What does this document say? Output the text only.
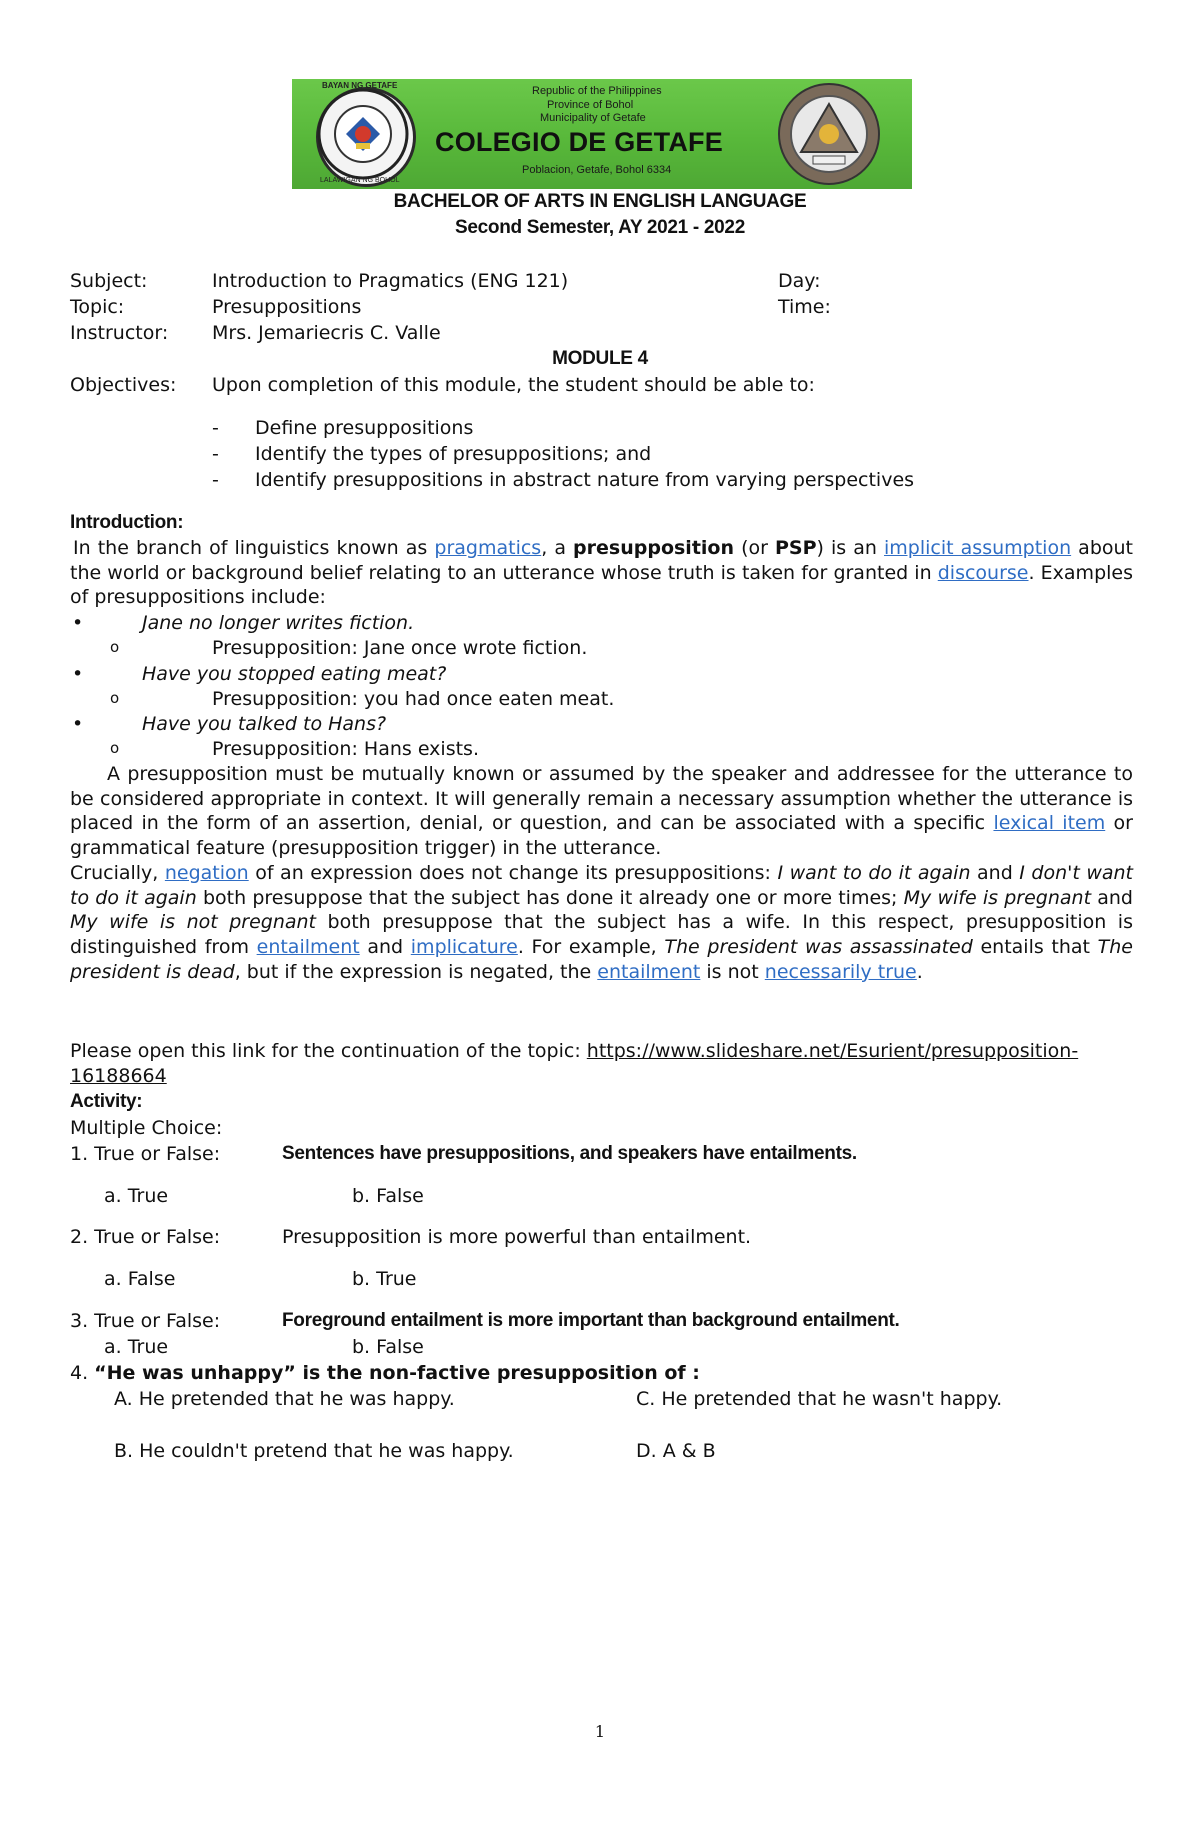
BAYAN NG GETAFE
LALAWIGAN NG BOHOL
Republic of the Philippines
Province of Bohol
Municipality of Getafe
COLEGIO DE GETAFE
Poblacion, Getafe, Bohol 6334
BACHELOR OF ARTS IN ENGLISH LANGUAGE
Second Semester, AY 2021 - 2022
Subject:	Introduction to Pragmatics (ENG 121)	Day:
Topic:	Presuppositions	Time:
Instructor: Mrs. Jemariecris C. Valle
MODULE 4
Objectives: Upon completion of this module, the student should be able to:
- Define presuppositions
- Identify the types of presuppositions; and
- Identify presuppositions in abstract nature from varying perspectives
Introduction:
In the branch of linguistics known as pragmatics, a presupposition (or PSP) is an implicit assumption about the world or background belief relating to an utterance whose truth is taken for granted in discourse. Examples of presuppositions include:
•	Jane no longer writes fiction.
o	Presupposition: Jane once wrote fiction.
•	Have you stopped eating meat?
o	Presupposition: you had once eaten meat.
•	Have you talked to Hans?
o	Presupposition: Hans exists.
A presupposition must be mutually known or assumed by the speaker and addressee for the utterance to be considered appropriate in context. It will generally remain a necessary assumption whether the utterance is placed in the form of an assertion, denial, or question, and can be associated with a specific lexical item or grammatical feature (presupposition trigger) in the utterance.
Crucially, negation of an expression does not change its presuppositions: I want to do it again and I don't want to do it again both presuppose that the subject has done it already one or more times; My wife is pregnant and My wife is not pregnant both presuppose that the subject has a wife. In this respect, presupposition is distinguished from entailment and implicature. For example, The president was assassinated entails that The president is dead, but if the expression is negated, the entailment is not necessarily true.
Please open this link for the continuation of the topic: https://www.slideshare.net/Esurient/presupposition-
16188664
Activity:
Multiple Choice:
1. True or False:	Sentences have presuppositions, and speakers have entailments.
a. True	b. False
2. True or False:	Presupposition is more powerful than entailment.
a. False	b. True
3. True or False:	Foreground entailment is more important than background entailment.
a. True	b. False
4. “He was unhappy” is the non-factive presupposition of :
A. He pretended that he was happy.	C. He pretended that he wasn't happy.
B. He couldn't pretend that he was happy.	D. A & B
1
